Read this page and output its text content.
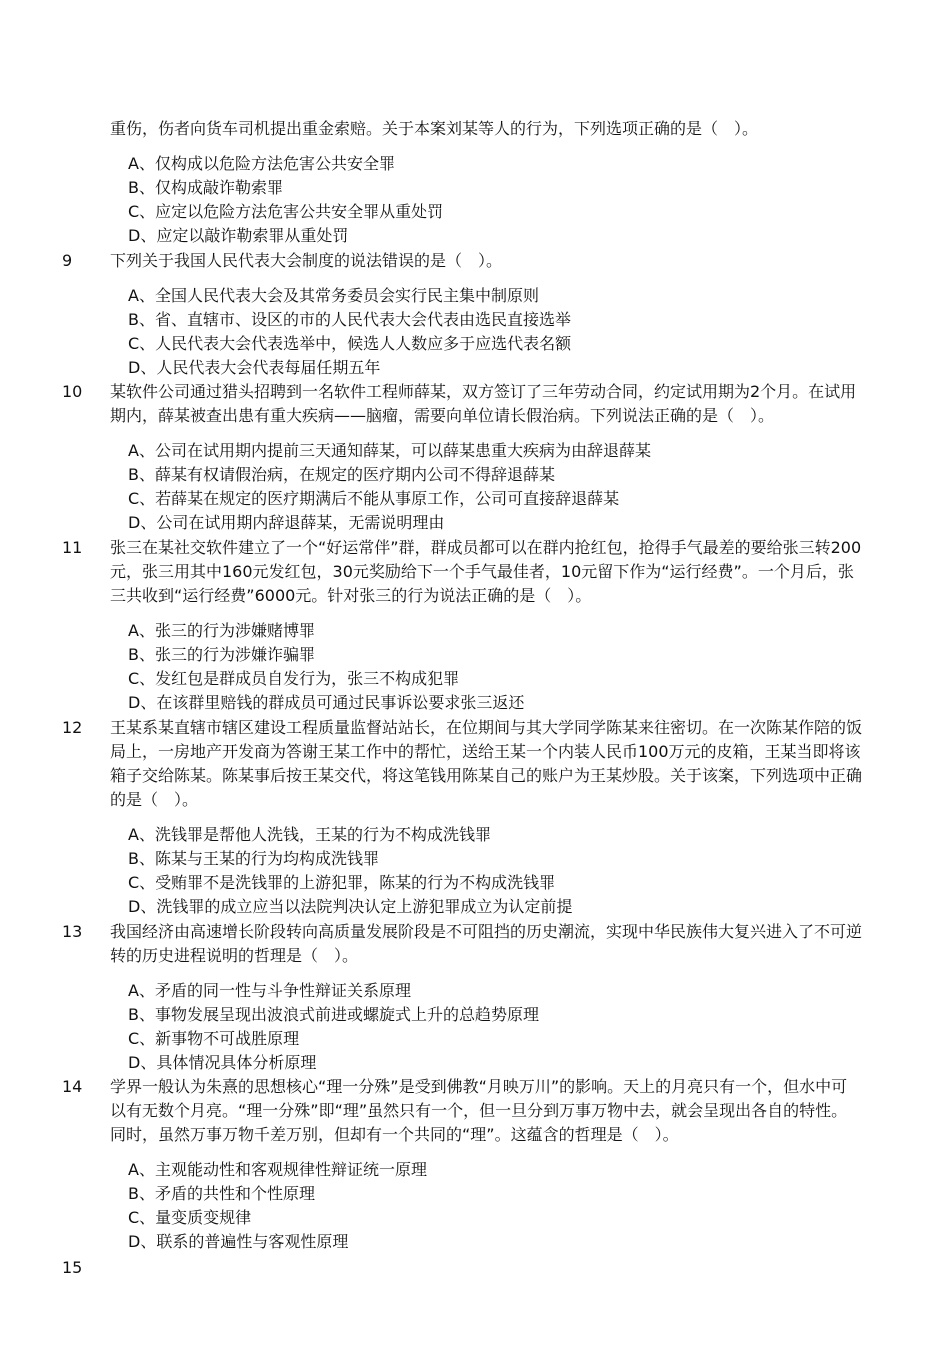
重伤，伤者向货车司机提出重金索赔。关于本案刘某等人的行为，下列选项正确的是（　）。
A、仅构成以危险方法危害公共安全罪
B、仅构成敲诈勒索罪
C、应定以危险方法危害公共安全罪从重处罚
D、应定以敲诈勒索罪从重处罚
9 下列关于我国人民代表大会制度的说法错误的是（　）。
A、全国人民代表大会及其常务委员会实行民主集中制原则
B、省、直辖市、设区的市的人民代表大会代表由选民直接选举
C、人民代表大会代表选举中，候选人人数应多于应选代表名额
D、人民代表大会代表每届任期五年
10 某软件公司通过猎头招聘到一名软件工程师薛某，双方签订了三年劳动合同，约定试用期为2个月。在试用期内，薛某被查出患有重大疾病——脑瘤，需要向单位请长假治病。下列说法正确的是（　）。
A、公司在试用期内提前三天通知薛某，可以薛某患重大疾病为由辞退薛某
B、薛某有权请假治病，在规定的医疗期内公司不得辞退薛某
C、若薛某在规定的医疗期满后不能从事原工作，公司可直接辞退薛某
D、公司在试用期内辞退薛某，无需说明理由
11 张三在某社交软件建立了一个“好运常伴”群，群成员都可以在群内抢红包，抢得手气最差的要给张三转200元，张三用其中160元发红包，30元奖励给下一个手气最佳者，10元留下作为“运行经费”。一个月后，张三共收到“运行经费”6000元。针对张三的行为说法正确的是（　）。
A、张三的行为涉嫌赌博罪
B、张三的行为涉嫌诈骗罪
C、发红包是群成员自发行为，张三不构成犯罪
D、在该群里赔钱的群成员可通过民事诉讼要求张三返还
12 王某系某直辖市辖区建设工程质量监督站站长，在位期间与其大学同学陈某来往密切。在一次陈某作陪的饭局上，一房地产开发商为答谢王某工作中的帮忙，送给王某一个内装人民币100万元的皮箱，王某当即将该箱子交给陈某。陈某事后按王某交代，将这笔钱用陈某自己的账户为王某炒股。关于该案，下列选项中正确的是（　）。
A、洗钱罪是帮他人洗钱，王某的行为不构成洗钱罪
B、陈某与王某的行为均构成洗钱罪
C、受贿罪不是洗钱罪的上游犯罪，陈某的行为不构成洗钱罪
D、洗钱罪的成立应当以法院判决认定上游犯罪成立为认定前提
13 我国经济由高速增长阶段转向高质量发展阶段是不可阻挡的历史潮流，实现中华民族伟大复兴进入了不可逆转的历史进程说明的哲理是（　）。
A、矛盾的同一性与斗争性辩证关系原理
B、事物发展呈现出波浪式前进或螺旋式上升的总趋势原理
C、新事物不可战胜原理
D、具体情况具体分析原理
14 学界一般认为朱熹的思想核心“理一分殊”是受到佛教“月映万川”的影响。天上的月亮只有一个，但水中可以有无数个月亮。“理一分殊”即“理”虽然只有一个，但一旦分到万事万物中去，就会呈现出各自的特性。同时，虽然万事万物千差万别，但却有一个共同的“理”。这蕴含的哲理是（　）。
A、主观能动性和客观规律性辩证统一原理
B、矛盾的共性和个性原理
C、量变质变规律
D、联系的普遍性与客观性原理
15
